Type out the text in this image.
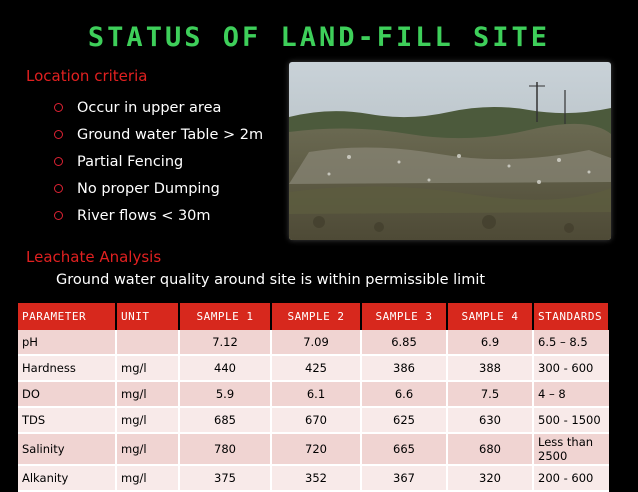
STATUS OF LAND-FILL SITE
Location criteria
Occur in upper area
Ground water Table > 2m
Partial Fencing
No proper Dumping
River flows < 30m
Leachate Analysis
Ground water quality around site is within permissible limit
PARAMETER	UNIT	SAMPLE 1	SAMPLE 2	SAMPLE 3	SAMPLE 4	STANDARDS
pH		7.12	7.09	6.85	6.9	6.5 – 8.5
Hardness	mg/l	440	425	386	388	300 - 600
DO	mg/l	5.9	6.1	6.6	7.5	4 – 8
TDS	mg/l	685	670	625	630	500 - 1500
Salinity	mg/l	780	720	665	680	Less than 2500
Alkanity	mg/l	375	352	367	320	200 - 600
